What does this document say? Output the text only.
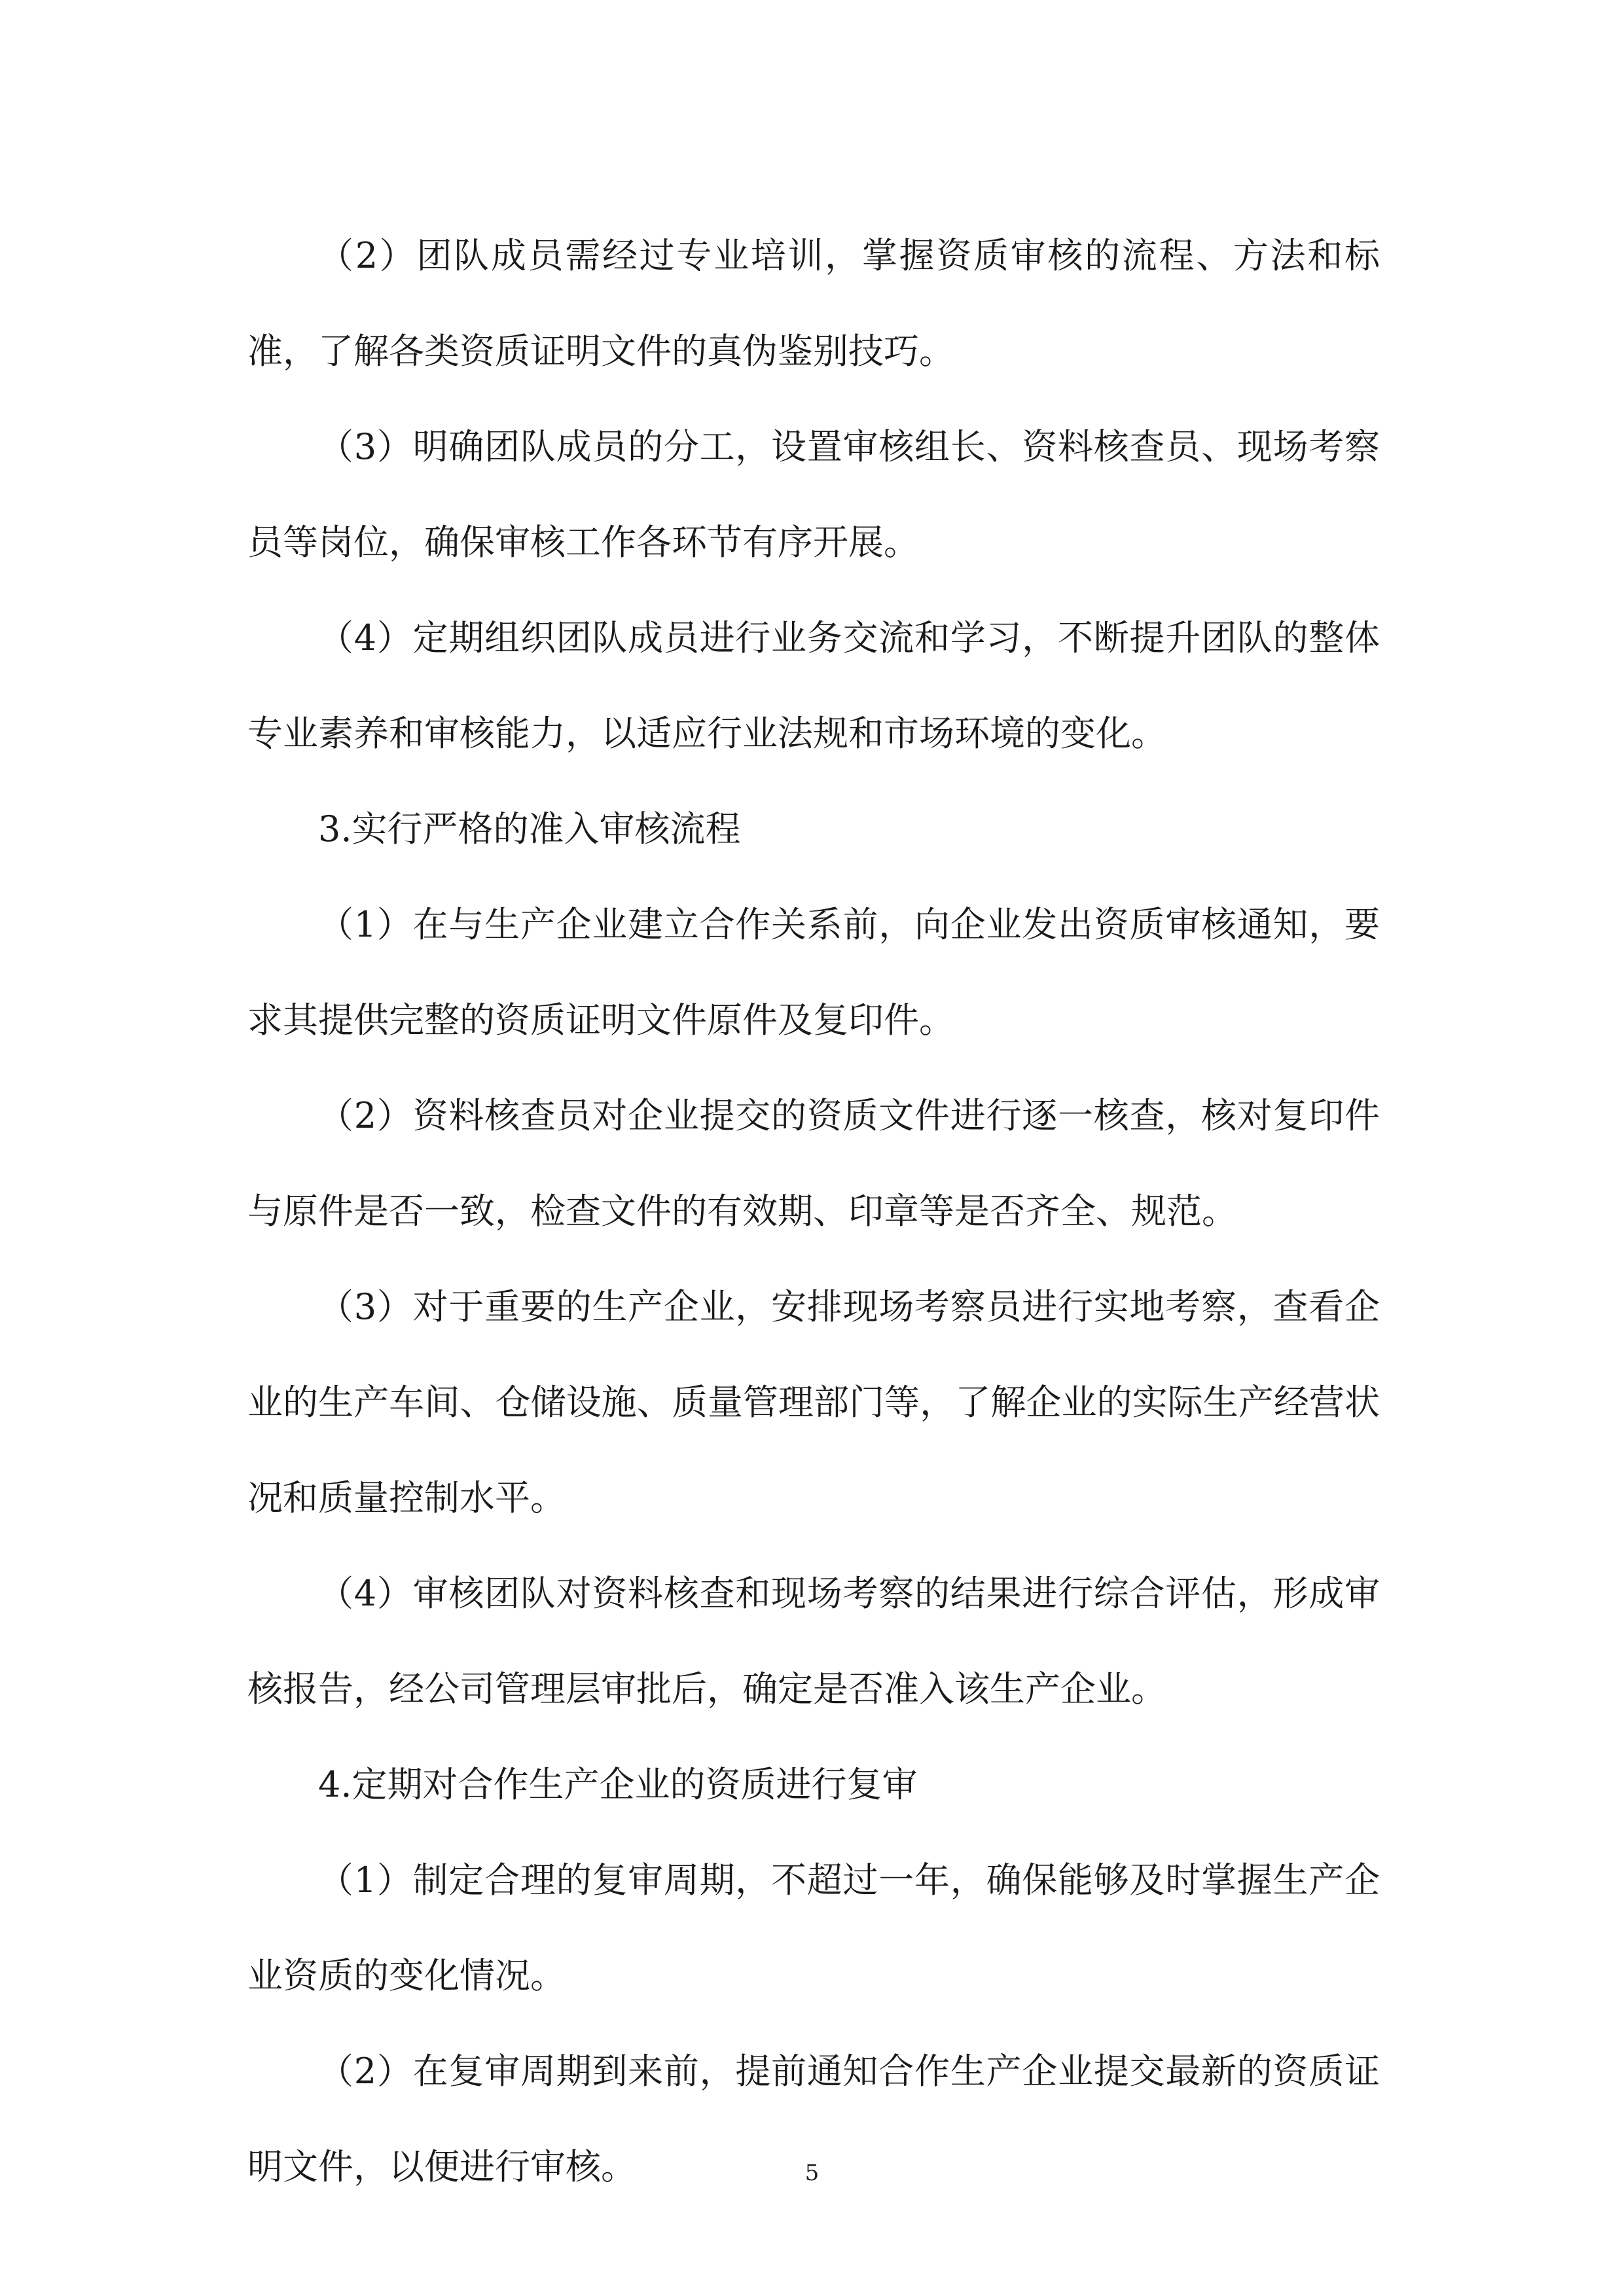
（2）团队成员需经过专业培训，掌握资质审核的流程、方法和标准，了解各类资质证明文件的真伪鉴别技巧。

（3）明确团队成员的分工，设置审核组长、资料核查员、现场考察员等岗位，确保审核工作各环节有序开展。

（4）定期组织团队成员进行业务交流和学习，不断提升团队的整体专业素养和审核能力，以适应行业法规和市场环境的变化。

3.实行严格的准入审核流程

（1）在与生产企业建立合作关系前，向企业发出资质审核通知，要求其提供完整的资质证明文件原件及复印件。

（2）资料核查员对企业提交的资质文件进行逐一核查，核对复印件与原件是否一致，检查文件的有效期、印章等是否齐全、规范。

（3）对于重要的生产企业，安排现场考察员进行实地考察，查看企业的生产车间、仓储设施、质量管理部门等，了解企业的实际生产经营状况和质量控制水平。

（4）审核团队对资料核查和现场考察的结果进行综合评估，形成审核报告，经公司管理层审批后，确定是否准入该生产企业。

4.定期对合作生产企业的资质进行复审

（1）制定合理的复审周期，不超过一年，确保能够及时掌握生产企业资质的变化情况。

（2）在复审周期到来前，提前通知合作生产企业提交最新的资质证明文件，以便进行审核。	5
